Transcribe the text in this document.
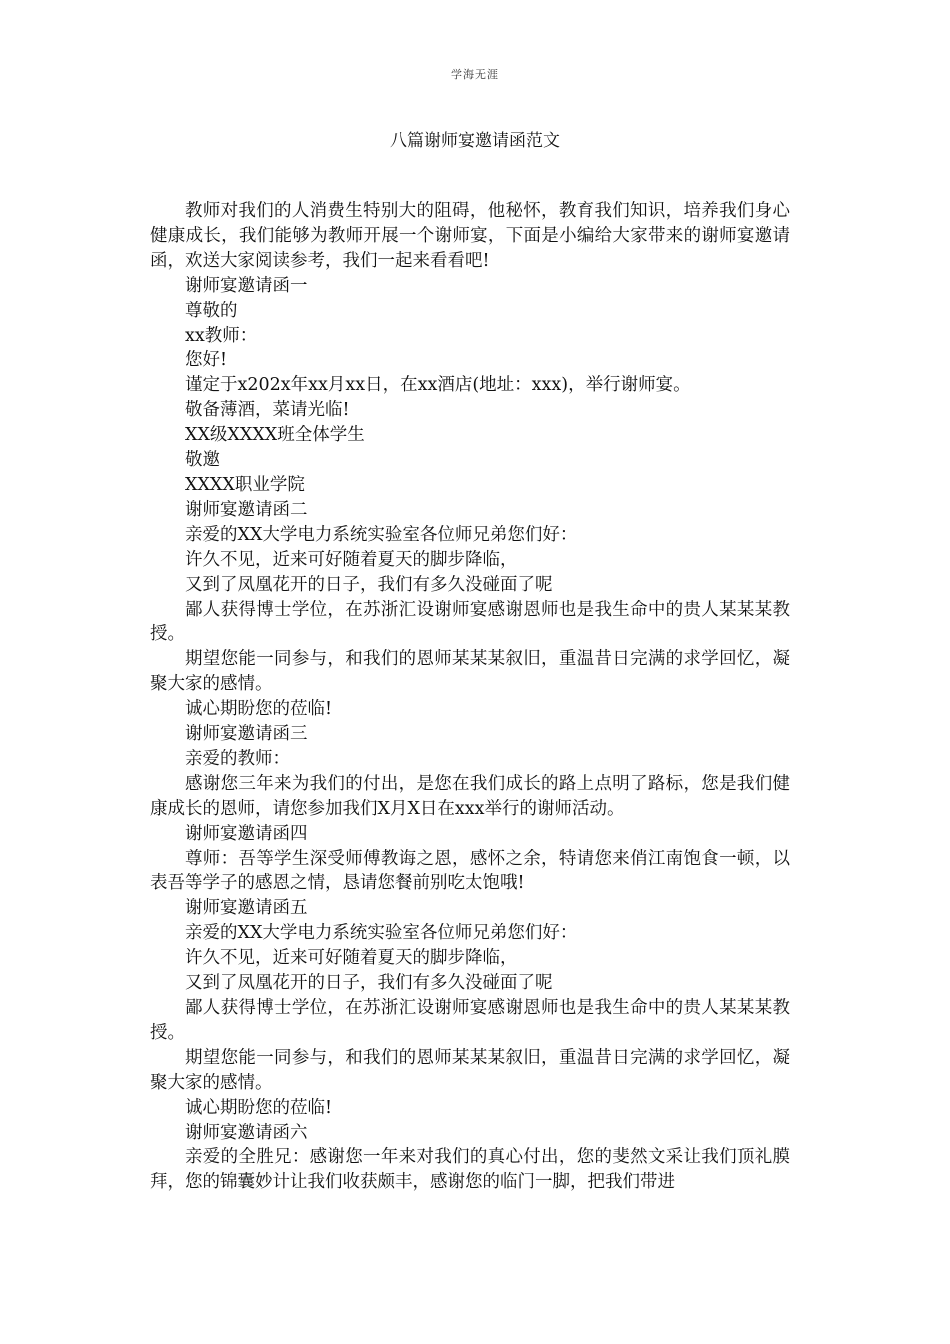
学海无涯
八篇谢师宴邀请函范文

教师对我们的人消费生特别大的阻碍，他秘怀，教育我们知识，培养我们身心健康成长，我们能够为教师开展一个谢师宴，下面是小编给大家带来的谢师宴邀请函，欢送大家阅读参考，我们一起来看看吧!

谢师宴邀请函一

尊敬的

xx教师：

您好!

谨定于x202x年xx月xx日，在xx酒店(地址：xxx)，举行谢师宴。

敬备薄酒，菜请光临!

XX级XXXX班全体学生

敬邀

XXXX职业学院

谢师宴邀请函二

亲爱的XX大学电力系统实验室各位师兄弟您们好：

许久不见，近来可好随着夏天的脚步降临，

又到了凤凰花开的日子，我们有多久没碰面了呢

鄙人获得博士学位，在苏浙汇设谢师宴感谢恩师也是我生命中的贵人某某某教授。

期望您能一同参与，和我们的恩师某某某叙旧，重温昔日完满的求学回忆，凝聚大家的感情。

诚心期盼您的莅临!

谢师宴邀请函三

亲爱的教师：

感谢您三年来为我们的付出，是您在我们成长的路上点明了路标，您是我们健康成长的恩师，请您参加我们X月X日在xxx举行的谢师活动。

谢师宴邀请函四

尊师：吾等学生深受师傅教诲之恩，感怀之余，特请您来俏江南饱食一顿，以表吾等学子的感恩之情，恳请您餐前别吃太饱哦!

谢师宴邀请函五

亲爱的XX大学电力系统实验室各位师兄弟您们好：

许久不见，近来可好随着夏天的脚步降临，

又到了凤凰花开的日子，我们有多久没碰面了呢

鄙人获得博士学位，在苏浙汇设谢师宴感谢恩师也是我生命中的贵人某某某教授。

期望您能一同参与，和我们的恩师某某某叙旧，重温昔日完满的求学回忆，凝聚大家的感情。

诚心期盼您的莅临!

谢师宴邀请函六

亲爱的全胜兄：感谢您一年来对我们的真心付出，您的斐然文采让我们顶礼膜拜，您的锦囊妙计让我们收获颇丰，感谢您的临门一脚，把我们带进
